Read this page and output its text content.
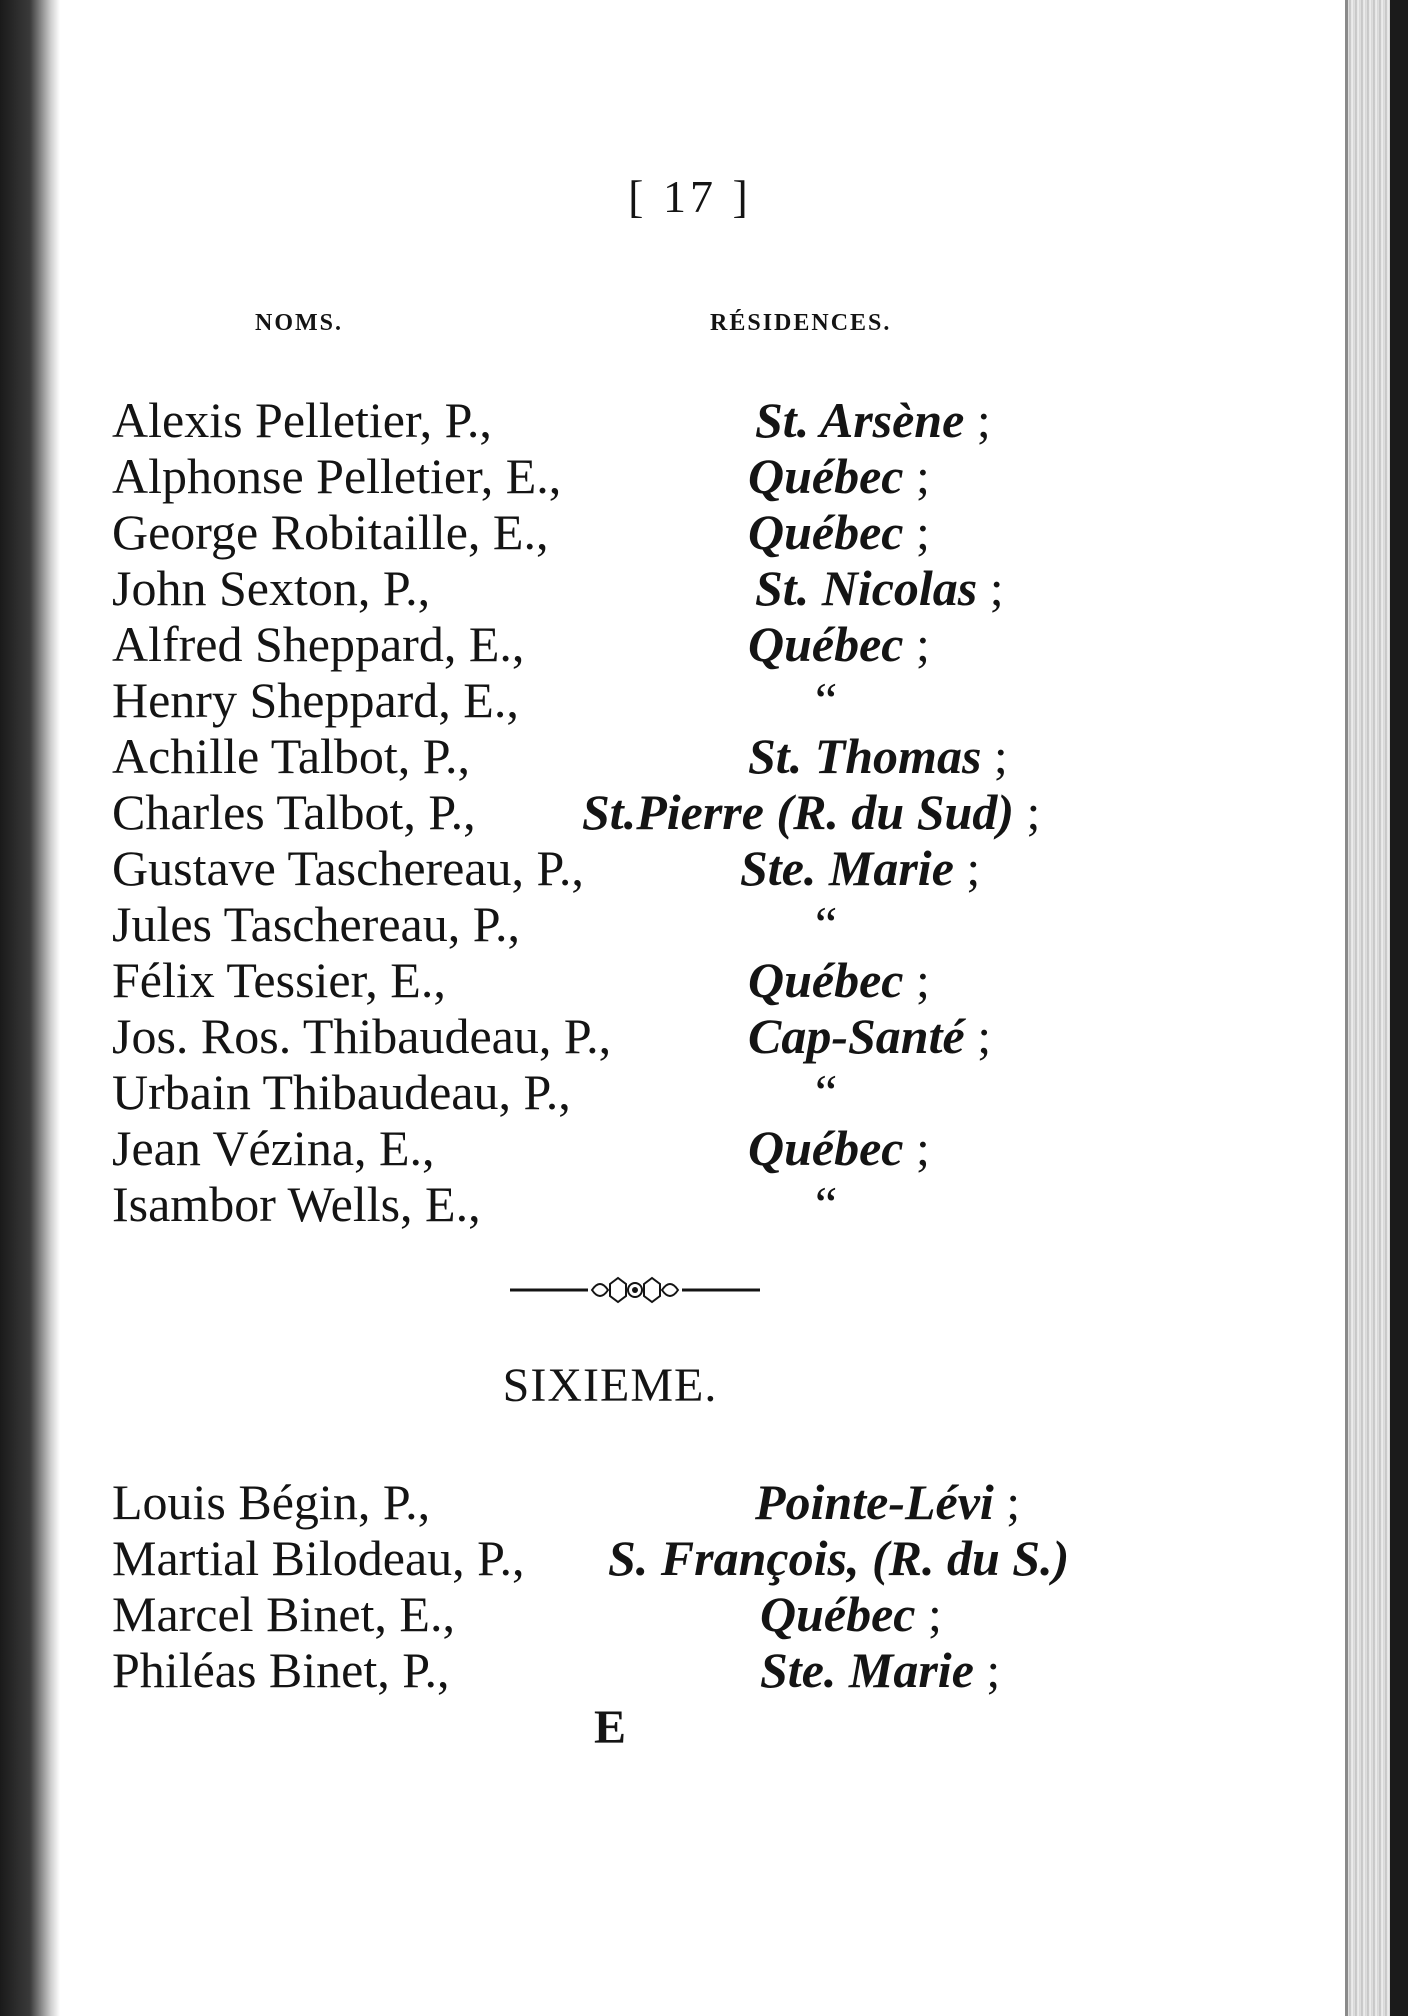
[ 17 ]
NOMS.	RÉSIDENCES.
Alexis Pelletier, P.,	St. Arsène ;
Alphonse Pelletier, E.,	Québec ;
George Robitaille, E.,	Québec ;
John Sexton, P.,	St. Nicolas ;
Alfred Sheppard, E.,	Québec ;
Henry Sheppard, E.,	“
Achille Talbot, P.,	St. Thomas ;
Charles Talbot, P., St.Pierre (R. du Sud) ;
Gustave Taschereau, P.,	Ste. Marie ;
Jules Taschereau, P.,	“
Félix Tessier, E.,	Québec ;
Jos. Ros. Thibaudeau, P.,	Cap-Santé ;
Urbain Thibaudeau, P.,	“
Jean Vézina, E.,	Québec ;
Isambor Wells, E.,	“
SIXIEME.
Louis Bégin, P.,	Pointe-Lévi ;
Martial Bilodeau, P., S. François, (R. du S.)
Marcel Binet, E.,	Québec ;
Philéas Binet, P.,	Ste. Marie ;
E
